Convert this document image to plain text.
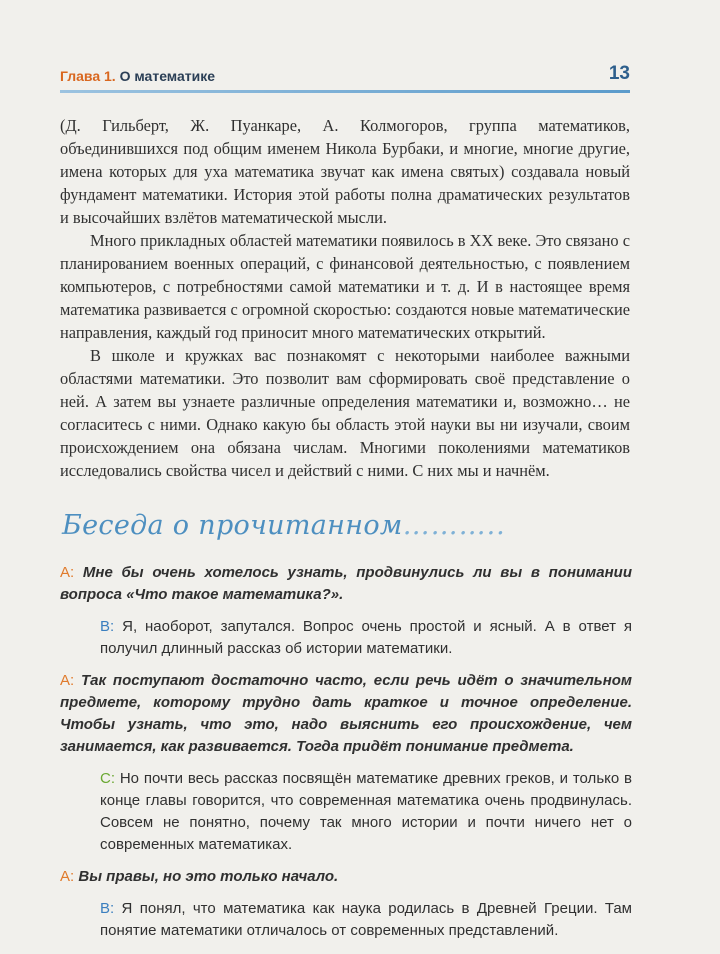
Глава 1. О математике	13

(Д. Гильберт, Ж. Пуанкаре, А. Колмогоров, группа математиков, объединившихся под общим именем Никола Бурбаки, и многие, многие другие, имена которых для уха математика звучат как имена святых) создавала новый фундамент математики. История этой работы полна драматических результатов и высочайших взлётов математической мысли.

Много прикладных областей математики появилось в XX веке. Это связано с планированием военных операций, с финансовой деятельностью, с появлением компьютеров, с потребностями самой математики и т. д. И в настоящее время математика развивается с огромной скоростью: создаются новые математические направления, каждый год приносит много математических открытий.

В школе и кружках вас познакомят с некоторыми наиболее важными областями математики. Это позволит вам сформировать своё представление о ней. А затем вы узнаете различные определения математики и, возможно… не согласитесь с ними. Однако какую бы область этой науки вы ни изучали, своим происхождением она обязана числам. Многими поколениями математиков исследовались свойства чисел и действий с ними. С них мы и начнём.

Беседа о прочитанном………..

А: Мне бы очень хотелось узнать, продвинулись ли вы в понимании вопроса «Что такое математика?».

В: Я, наоборот, запутался. Вопрос очень простой и ясный. А в ответ я получил длинный рассказ об истории математики.

А: Так поступают достаточно часто, если речь идёт о значительном предмете, которому трудно дать краткое и точное определение. Чтобы узнать, что это, надо выяснить его происхождение, чем занимается, как развивается. Тогда придёт понимание предмета.

С: Но почти весь рассказ посвящён математике древних греков, и только в конце главы говорится, что современная математика очень продвинулась. Совсем не понятно, почему так много истории и почти ничего нет о современных математиках.

А: Вы правы, но это только начало.

В: Я понял, что математика как наука родилась в Древней Греции. Там понятие математики отличалось от современных представлений.
